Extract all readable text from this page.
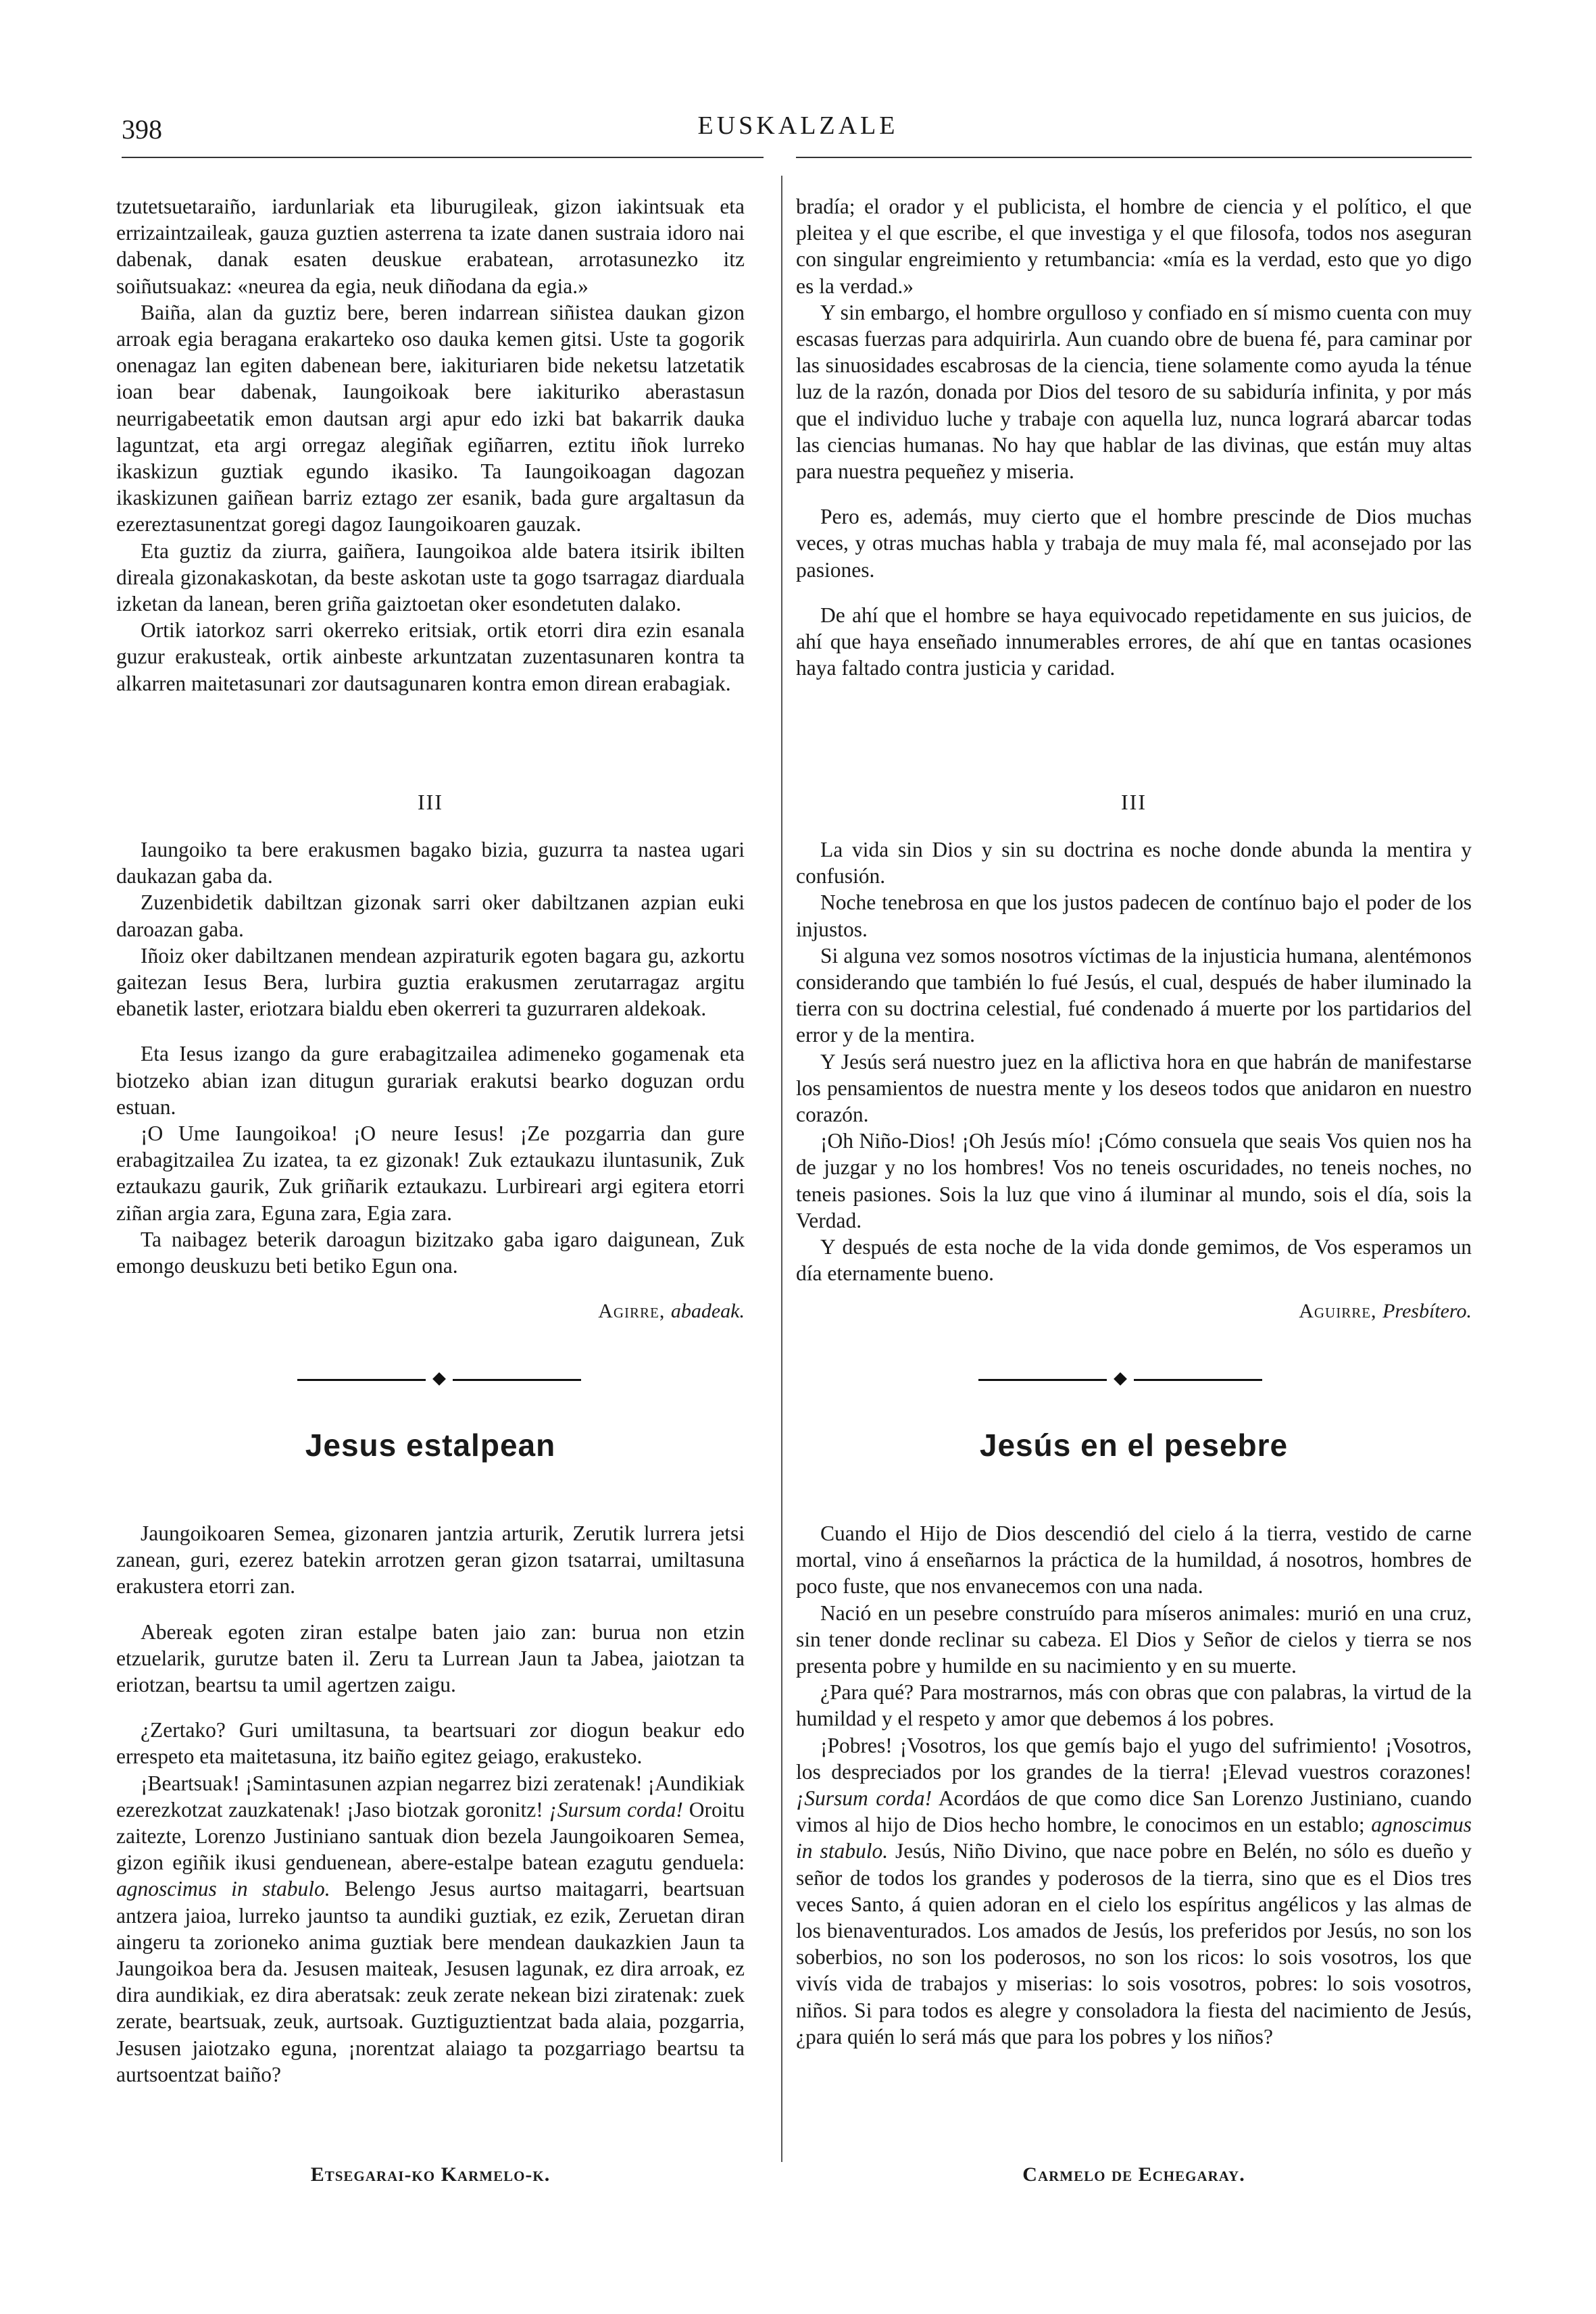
398	EUSKALZALE

tzutetsuetaraiño, iardunlariak eta liburugileak, gizon iakintsuak eta errizaintzaileak, gauza guztien asterrena ta izate danen sustraia idoro nai dabenak, danak esaten deuskue erabatean, arrotasunezko itz soiñutsuakaz: «neurea da egia, neuk diñodana da egia.»

Baiña, alan da guztiz bere, beren indarrean siñistea daukan gizon arroak egia beragana erakarteko oso dauka kemen gitsi. Uste ta gogorik onenagaz lan egiten dabenean bere, iakituriaren bide neketsu latzetatik ioan bear dabenak, Iaungoikoak bere iakituriko aberastasun neurrigabeetatik emon dautsan argi apur edo izki bat bakarrik dauka laguntzat, eta argi orregaz alegiñak egiñarren, eztitu iñok lurreko ikaskizun guztiak egundo ikasiko. Ta Iaungoikoagan dagozan ikaskizunen gaiñean barriz eztago zer esanik, bada gure argaltasun da ezereztasunentzat goregi dagoz Iaungoikoaren gauzak.

Eta guztiz da ziurra, gaiñera, Iaungoikoa alde batera itsirik ibilten direala gizonakaskotan, da beste askotan uste ta gogo tsarragaz diarduala izketan da lanean, beren griña gaiztoetan oker esondetuten dalako.

Ortik iatorkoz sarri okerreko eritsiak, ortik etorri dira ezin esanala guzur erakusteak, ortik ainbeste arkuntzatan zuzentasunaren kontra ta alkarren maitetasunari zor dautsagunaren kontra emon direan erabagiak.

III

Iaungoiko ta bere erakusmen bagako bizia, guzurra ta nastea ugari daukazan gaba da.

Zuzenbidetik dabiltzan gizonak sarri oker dabiltzanen azpian euki daroazan gaba.

Iñoiz oker dabiltzanen mendean azpiraturik egoten bagara gu, azkortu gaitezan Iesus Bera, lurbira guztia erakusmen zerutarragaz argitu ebanetik laster, eriotzara bialdu eben okerreri ta guzurraren aldekoak.

Eta Iesus izango da gure erabagitzailea adimeneko gogamenak eta biotzeko abian izan ditugun gurariak erakutsi bearko doguzan ordu estuan.

¡O Ume Iaungoikoa! ¡O neure Iesus! ¡Ze pozgarria dan gure erabagitzailea Zu izatea, ta ez gizonak! Zuk eztaukazu iluntasunik, Zuk eztaukazu gaurik, Zuk griñarik eztaukazu. Lurbireari argi egitera etorri ziñan argia zara, Eguna zara, Egia zara.

Ta naibagez beterik daroagun bizitzako gaba igaro daigunean, Zuk emongo deuskuzu beti betiko Egun ona.

Agirre, abadeak.
Jesus estalpean

Jaungoikoaren Semea, gizonaren jantzia arturik, Zerutik lurrera jetsi zanean, guri, ezerez batekin arrotzen geran gizon tsatarrai, umiltasuna erakustera etorri zan.

Abereak egoten ziran estalpe baten jaio zan: burua non etzin etzuelarik, gurutze baten il. Zeru ta Lurrean Jaun ta Jabea, jaiotzan ta eriotzan, beartsu ta umil agertzen zaigu.

¿Zertako? Guri umiltasuna, ta beartsuari zor diogun beakur edo errespeto eta maitetasuna, itz baiño egitez geiago, erakusteko.

¡Beartsuak! ¡Samintasunen azpian negarrez bizi zeratenak! ¡Aundikiak ezerezkotzat zauzkatenak! ¡Jaso biotzak goronitz! ¡Sursum corda! Oroitu zaitezte, Lorenzo Justiniano santuak dion bezela Jaungoikoaren Semea, gizon egiñik ikusi genduenean, abere-estalpe batean ezagutu genduela: agnoscimus in stabulo. Belengo Jesus aurtso maitagarri, beartsuan antzera jaioa, lurreko jauntso ta aundiki guztiak, ez ezik, Zeruetan diran aingeru ta zorioneko anima guztiak bere mendean daukazkien Jaun ta Jaungoikoa bera da. Jesusen maiteak, Jesusen lagunak, ez dira arroak, ez dira aundikiak, ez dira aberatsak: zeuk zerate nekean bizi ziratenak: zuek zerate, beartsuak, zeuk, aurtsoak. Guztiguztientzat bada alaia, pozgarria, Jesusen jaiotzako eguna, ¡norentzat alaiago ta pozgarriago beartsu ta aurtsoentzat baiño?

Etsegarai-ko Karmelo-k.

bradía; el orador y el publicista, el hombre de ciencia y el político, el que pleitea y el que escribe, el que investiga y el que filosofa, todos nos aseguran con singular engreimiento y retumbancia: «mía es la verdad, esto que yo digo es la verdad.»

Y sin embargo, el hombre orgulloso y confiado en sí mismo cuenta con muy escasas fuerzas para adquirirla. Aun cuando obre de buena fé, para caminar por las sinuosidades escabrosas de la ciencia, tiene solamente como ayuda la ténue luz de la razón, donada por Dios del tesoro de su sabiduría infinita, y por más que el individuo luche y trabaje con aquella luz, nunca logrará abarcar todas las ciencias humanas. No hay que hablar de las divinas, que están muy altas para nuestra pequeñez y miseria.

Pero es, además, muy cierto que el hombre prescinde de Dios muchas veces, y otras muchas habla y trabaja de muy mala fé, mal aconsejado por las pasiones.

De ahí que el hombre se haya equivocado repetidamente en sus juicios, de ahí que haya enseñado innumerables errores, de ahí que en tantas ocasiones haya faltado contra justicia y caridad.

III

La vida sin Dios y sin su doctrina es noche donde abunda la mentira y confusión.

Noche tenebrosa en que los justos padecen de contínuo bajo el poder de los injustos.

Si alguna vez somos nosotros víctimas de la injusticia humana, alentémonos considerando que también lo fué Jesús, el cual, después de haber iluminado la tierra con su doctrina celestial, fué condenado á muerte por los partidarios del error y de la mentira.

Y Jesús será nuestro juez en la aflictiva hora en que habrán de manifestarse los pensamientos de nuestra mente y los deseos todos que anidaron en nuestro corazón.

¡Oh Niño-Dios! ¡Oh Jesús mío! ¡Cómo consuela que seais Vos quien nos ha de juzgar y no los hombres! Vos no teneis oscuridades, no teneis noches, no teneis pasiones. Sois la luz que vino á iluminar al mundo, sois el día, sois la Verdad.

Y después de esta noche de la vida donde gemimos, de Vos esperamos un día eternamente bueno.

Aguirre, Presbítero.
Jesús en el pesebre

Cuando el Hijo de Dios descendió del cielo á la tierra, vestido de carne mortal, vino á enseñarnos la práctica de la humildad, á nosotros, hombres de poco fuste, que nos envanecemos con una nada.

Nació en un pesebre construído para míseros animales: murió en una cruz, sin tener donde reclinar su cabeza. El Dios y Señor de cielos y tierra se nos presenta pobre y humilde en su nacimiento y en su muerte.

¿Para qué? Para mostrarnos, más con obras que con palabras, la virtud de la humildad y el respeto y amor que debemos á los pobres.

¡Pobres! ¡Vosotros, los que gemís bajo el yugo del sufrimiento! ¡Vosotros, los despreciados por los grandes de la tierra! ¡Elevad vuestros corazones! ¡Sursum corda! Acordáos de que como dice San Lorenzo Justiniano, cuando vimos al hijo de Dios hecho hombre, le conocimos en un establo; agnoscimus in stabulo. Jesús, Niño Divino, que nace pobre en Belén, no sólo es dueño y señor de todos los grandes y poderosos de la tierra, sino que es el Dios tres veces Santo, á quien adoran en el cielo los espíritus angélicos y las almas de los bienaventurados. Los amados de Jesús, los preferidos por Jesús, no son los soberbios, no son los poderosos, no son los ricos: lo sois vosotros, los que vivís vida de trabajos y miserias: lo sois vosotros, pobres: lo sois vosotros, niños. Si para todos es alegre y consoladora la fiesta del nacimiento de Jesús, ¿para quién lo será más que para los pobres y los niños?

Carmelo de Echegaray.
